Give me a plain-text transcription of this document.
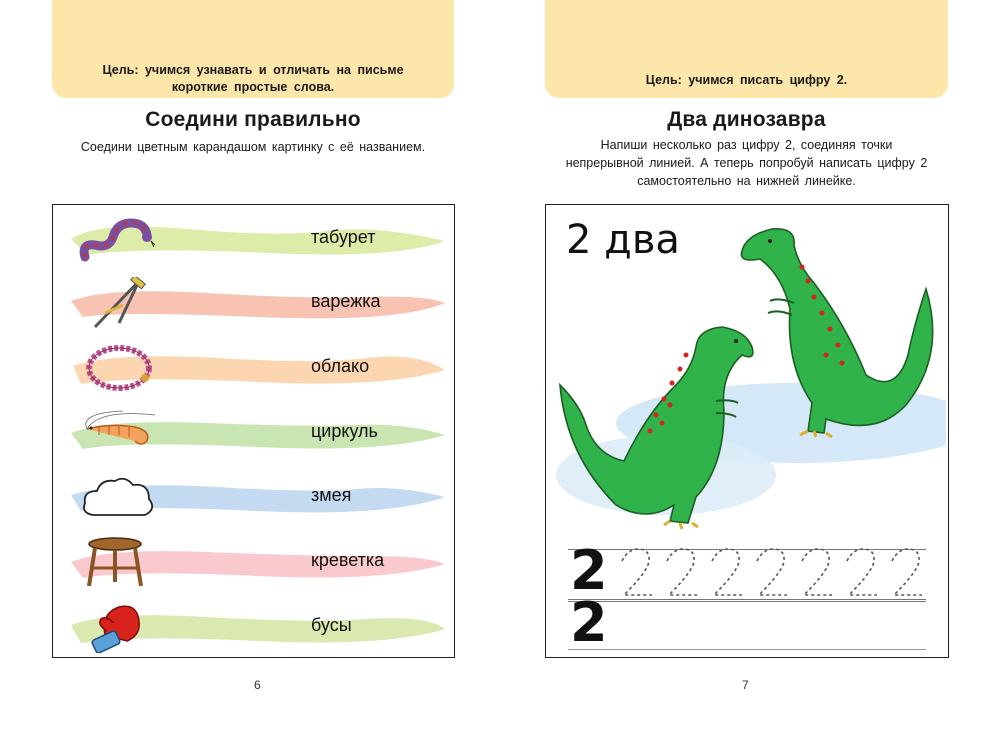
Цель: учимся узнавать и отличать на письме
короткие простые слова.
Соедини правильно
Соедини цветным карандашом картинку с её названием.
табурет
варежка
облако
циркуль
змея
креветка
бусы
6
Цель: учимся писать цифру 2.
Два динозавра
Напиши несколько раз цифру 2, соединяя точки
непрерывной линией. А теперь попробуй написать цифру 2
самостоятельно на нижней линейке.
2 два
2
2
7
